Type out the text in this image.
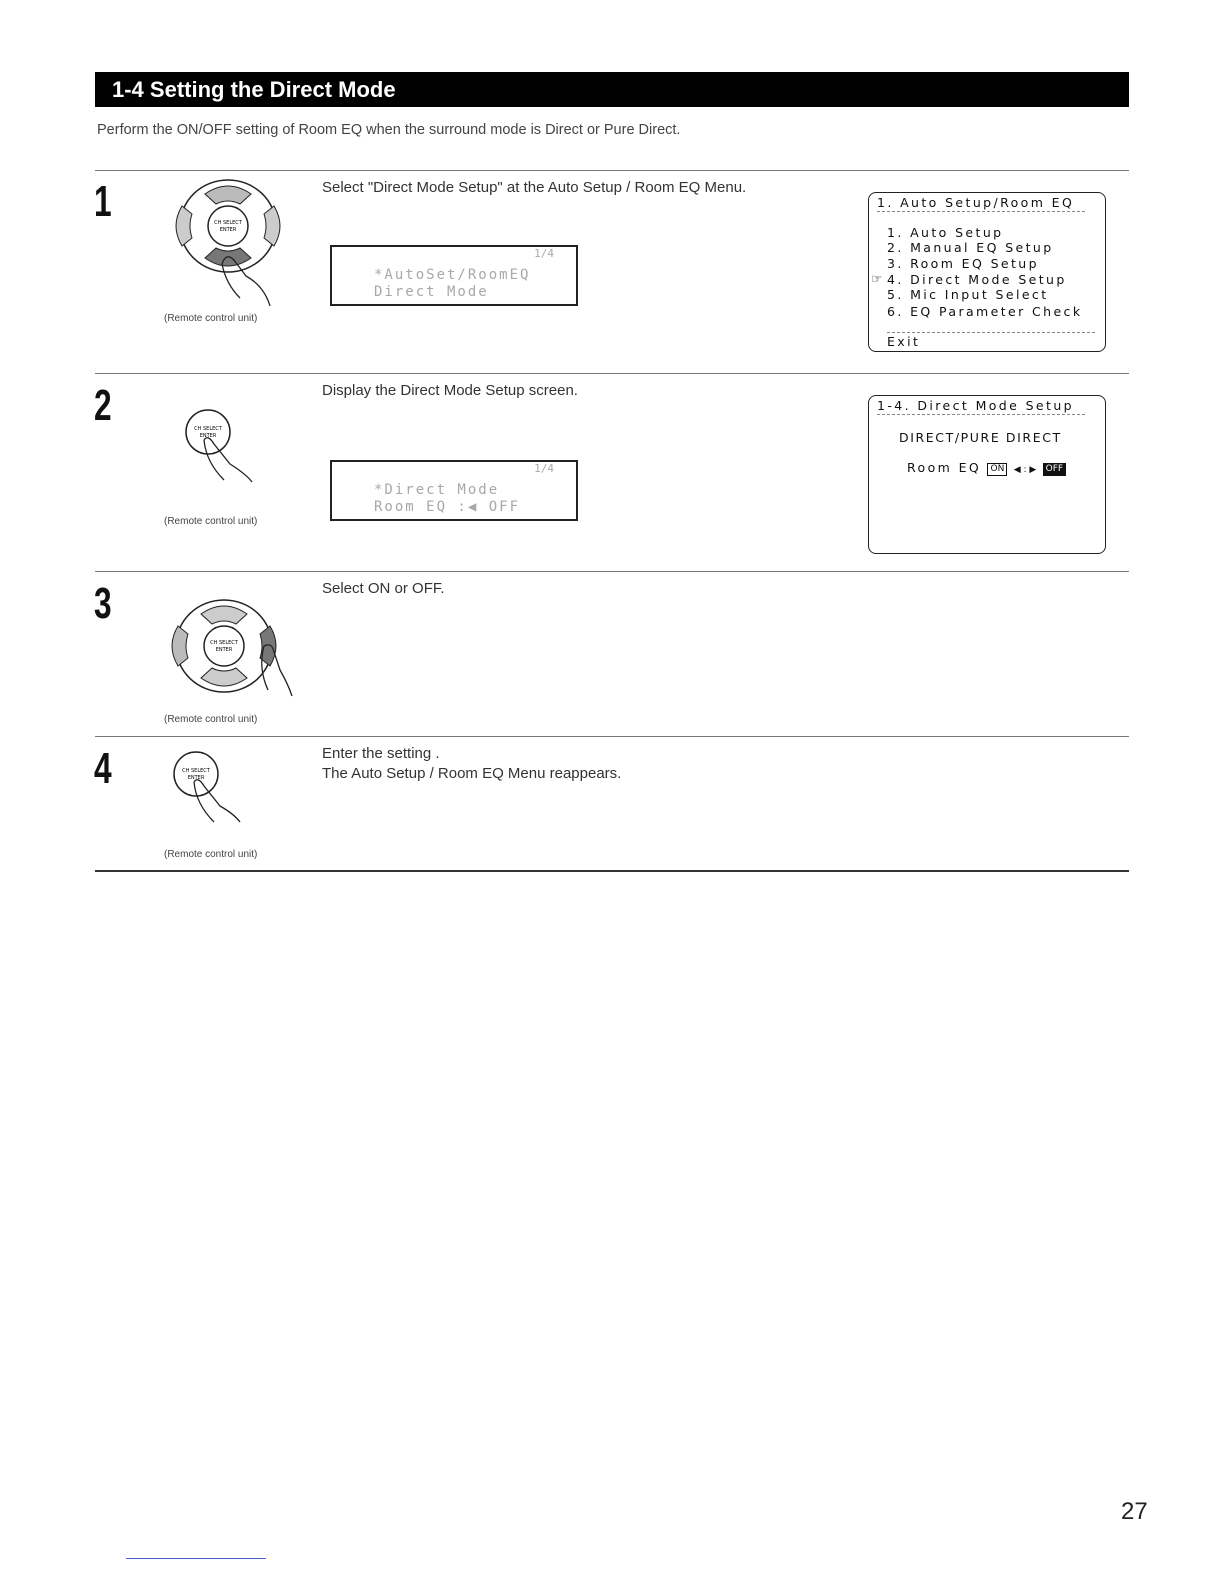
1-4 Setting the Direct Mode
Perform the ON/OFF setting of Room EQ when the surround mode is Direct or Pure Direct.
1	CH SELECT
ENTER
(Remote control unit)

Select "Direct Mode Setup" at the Auto Setup / Room EQ Menu.

1/4
*AutoSet/RoomEQ
Direct Mode
1. Auto Setup/Room EQ
1. Auto Setup
2. Manual EQ Setup
3. Room EQ Setup
☞ 4. Direct Mode Setup
5. Mic Input Select
6. EQ Parameter Check
Exit
2	CH SELECT
ENTER
(Remote control unit)

Display the Direct Mode Setup screen.

1/4
*Direct Mode
Room EQ :◀ OFF
1-4. Direct Mode Setup
DIRECT/PURE DIRECT
Room EQ ON ◀ : ▶ OFF
3
CH SELECT
ENTER
(Remote control unit)

Select ON or OFF.

4	CH SELECT
ENTER
(Remote control unit)

Enter the setting .

The Auto Setup / Room EQ Menu reappears.

27
